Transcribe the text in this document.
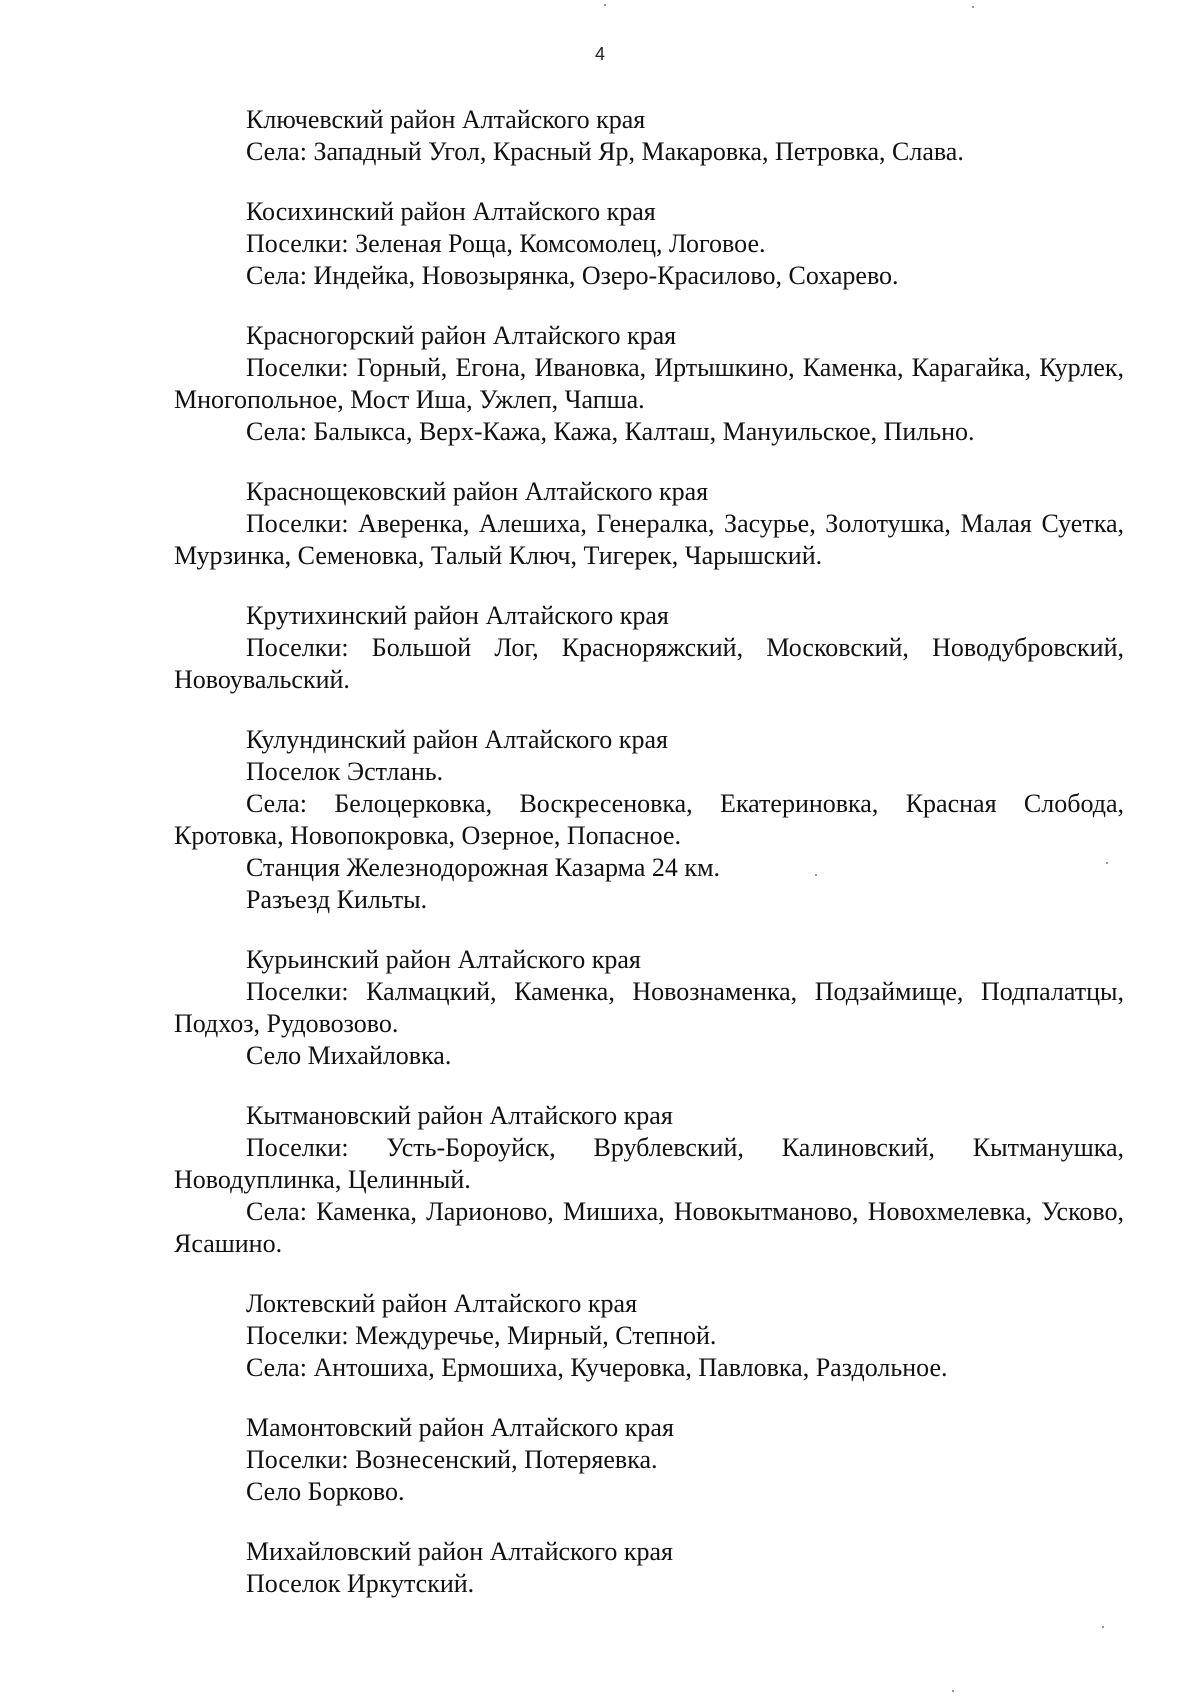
4

Ключевский район Алтайского края

Села: Западный Угол, Красный Яр, Макаровка, Петровка, Слава.

Косихинский район Алтайского края

Поселки: Зеленая Роща, Комсомолец, Логовое.

Села: Индейка, Новозырянка, Озеро-Красилово, Сохарево.

Красногорский район Алтайского края

Поселки: Горный, Егона, Ивановка, Иртышкино, Каменка, Карагайка, Курлек, Многопольное, Мост Иша, Ужлеп, Чапша.

Села: Балыкса, Верх-Кажа, Кажа, Калташ, Мануильское, Пильно.

Краснощековский район Алтайского края

Поселки: Аверенка, Алешиха, Генералка, Засурье, Золотушка, Малая Суетка, Мурзинка, Семеновка, Талый Ключ, Тигерек, Чарышский.

Крутихинский район Алтайского края

Поселки: Большой Лог, Красноряжский, Московский, Новодубровский, Новоувальский.

Кулундинский район Алтайского края

Поселок Эстлань.

Села: Белоцерковка, Воскресеновка, Екатериновка, Красная Слобода, Кротовка, Новопокровка, Озерное, Попасное.

Станция Железнодорожная Казарма 24 км.

Разъезд Кильты.

Курьинский район Алтайского края

Поселки: Калмацкий, Каменка, Новознаменка, Подзаймище, Подпалатцы, Подхоз, Рудовозово.

Село Михайловка.

Кытмановский район Алтайского края

Поселки: Усть-Бороуйск, Врублевский, Калиновский, Кытманушка, Новодуплинка, Целинный.

Села: Каменка, Ларионово, Мишиха, Новокытманово, Новохмелевка, Усково, Ясашино.

Локтевский район Алтайского края

Поселки: Междуречье, Мирный, Степной.

Села: Антошиха, Ермошиха, Кучеровка, Павловка, Раздольное.

Мамонтовский район Алтайского края

Поселки: Вознесенский, Потеряевка.

Село Борково.

Михайловский район Алтайского края

Поселок Иркутский.
